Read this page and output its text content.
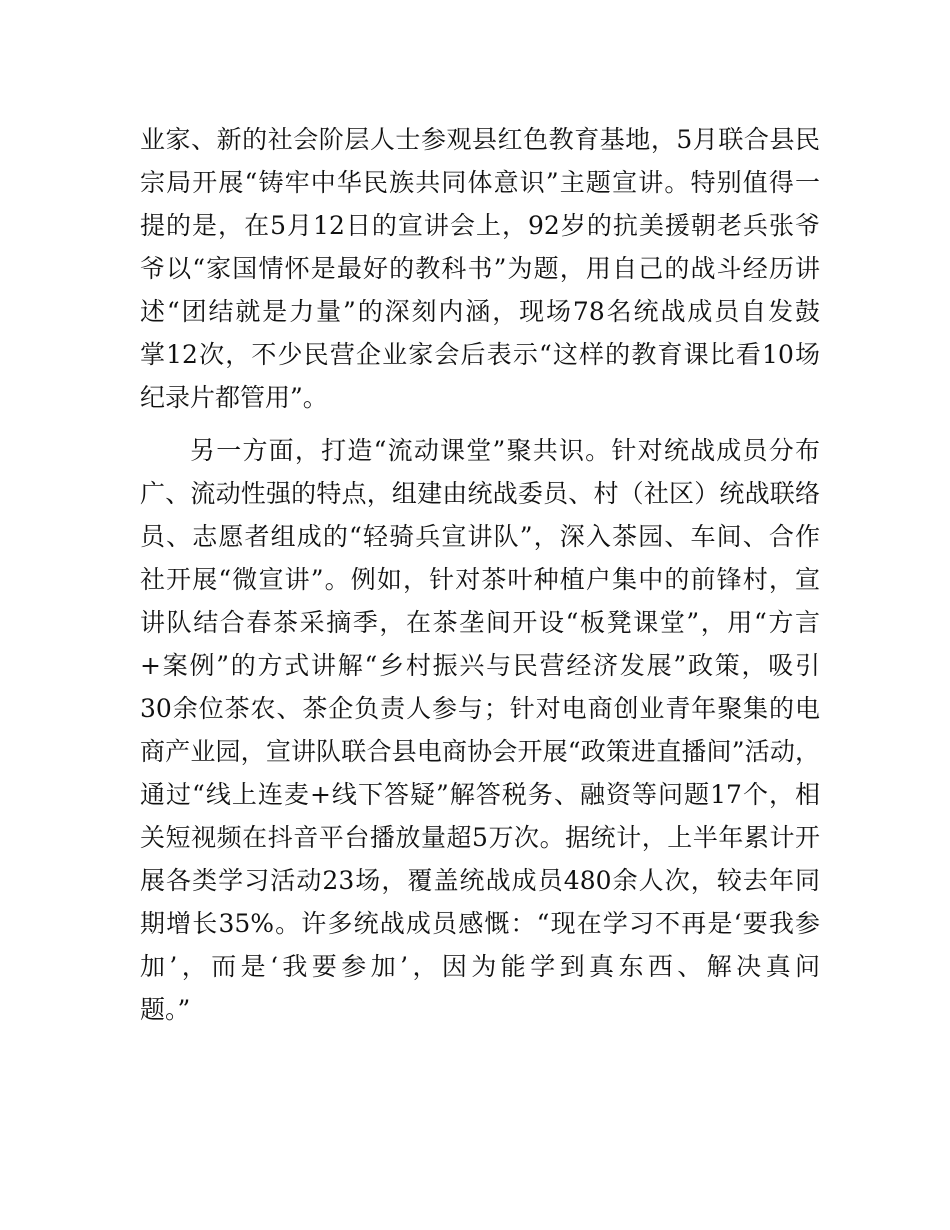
业家、新的社会阶层人士参观县红色教育基地，5月联合县民
宗局开展“铸牢中华民族共同体意识”主题宣讲。特别值得一
提的是，在5月12日的宣讲会上，92岁的抗美援朝老兵张爷
爷以“家国情怀是最好的教科书”为题，用自己的战斗经历讲
述“团结就是力量”的深刻内涵，现场78名统战成员自发鼓
掌12次，不少民营企业家会后表示“这样的教育课比看10场
纪录片都管用”。
另一方面，打造“流动课堂”聚共识。针对统战成员分布
广、流动性强的特点，组建由统战委员、村（社区）统战联络
员、志愿者组成的“轻骑兵宣讲队”，深入茶园、车间、合作
社开展“微宣讲”。例如，针对茶叶种植户集中的前锋村，宣
讲队结合春茶采摘季，在茶垄间开设“板凳课堂”，用“方言
+案例”的方式讲解“乡村振兴与民营经济发展”政策，吸引
30余位茶农、茶企负责人参与；针对电商创业青年聚集的电
商产业园，宣讲队联合县电商协会开展“政策进直播间”活动，
通过“线上连麦+线下答疑”解答税务、融资等问题17个，相
关短视频在抖音平台播放量超5万次。据统计，上半年累计开
展各类学习活动23场，覆盖统战成员480余人次，较去年同
期增长35%。许多统战成员感慨：“现在学习不再是‘要我参
加’，而是‘我要参加’，因为能学到真东西、解决真问
题。”
